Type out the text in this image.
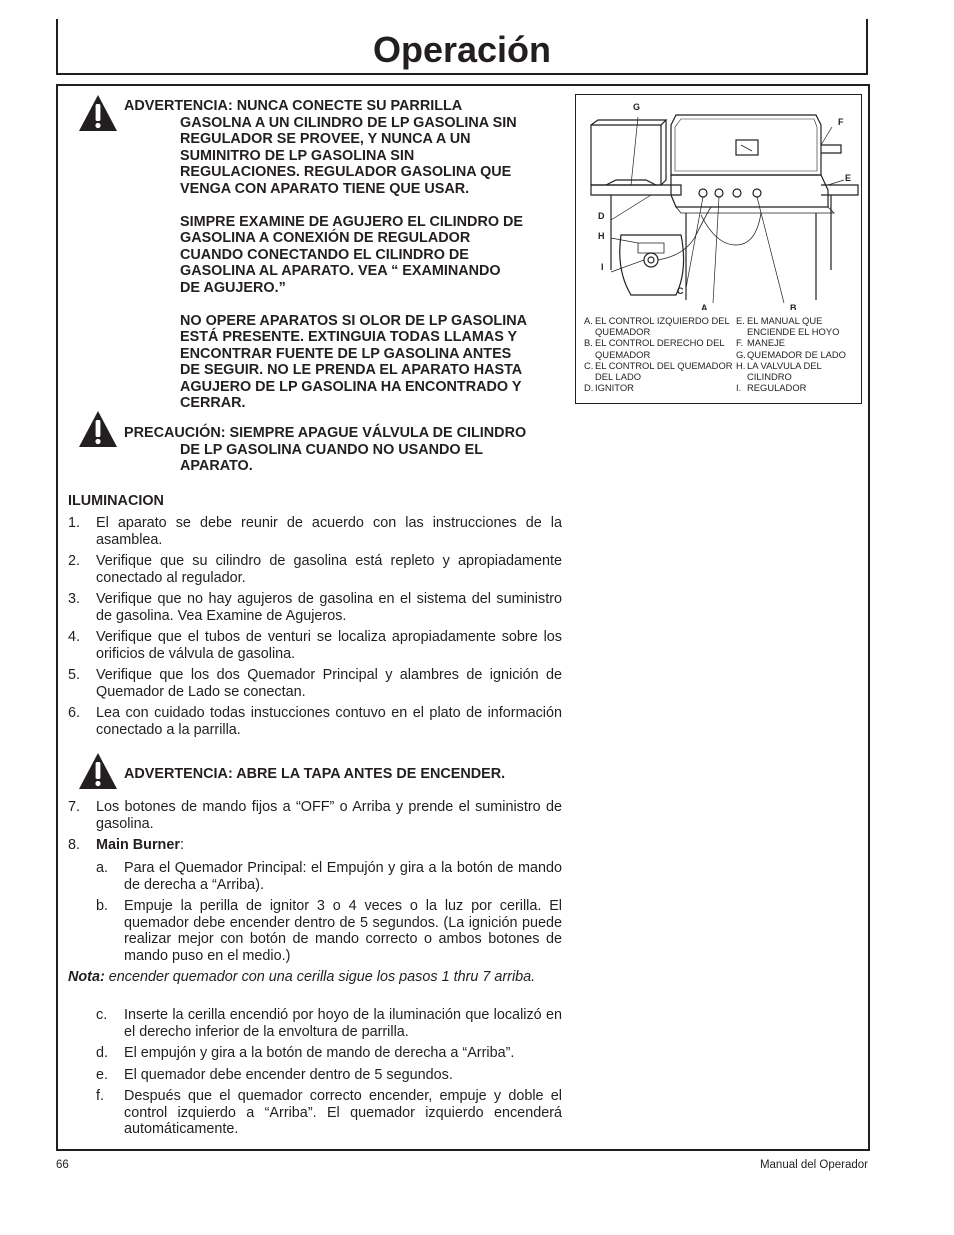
Operación
ADVERTENCIA: NUNCA CONECTE SU PARRILLA
GASOLNA A UN CILINDRO DE LP GASOLINA SIN
REGULADOR SE PROVEE, Y NUNCA A UN
SUMINITRO DE LP GASOLINA SIN
REGULACIONES. REGULADOR GASOLINA QUE
VENGA CON APARATO TIENE QUE USAR.
SIMPRE EXAMINE DE AGUJERO EL CILINDRO DE
GASOLINA A CONEXIÓN DE REGULADOR
CUANDO CONECTANDO EL CILINDRO DE
GASOLINA AL APARATO. VEA “ EXAMINANDO
DE AGUJERO.”
NO OPERE APARATOS SI OLOR DE LP GASOLINA
ESTÁ PRESENTE. EXTINGUIA TODAS LLAMAS Y
ENCONTRAR FUENTE DE LP GASOLINA ANTES
DE SEGUIR. NO LE PRENDA EL APARATO HASTA
AGUJERO DE LP GASOLINA HA ENCONTRADO Y
CERRAR.
PRECAUCIÓN: SIEMPRE APAGUE VÁLVULA DE CILINDRO
DE LP GASOLINA CUANDO NO USANDO EL
APARATO.
ILUMINACION
1. El aparato se debe reunir de acuerdo con las instrucciones de la asamblea.
2. Verifique que su cilindro de gasolina está repleto y apropiadamente conectado al regulador.
3. Verifique que no hay agujeros de gasolina en el sistema del suministro de gasolina. Vea Examine de Agujeros.
4. Verifique que el tubos de venturi se localiza apropiadamente sobre los orificios de válvula de gasolina.
5. Verifique que los dos Quemador Principal y alambres de ignición de Quemador de Lado se conectan.
6. Lea con cuidado todas instucciones contuvo en el plato de información conectado a la parrilla.
ADVERTENCIA: ABRE LA TAPA ANTES DE ENCENDER.
7. Los botones de mando fijos a “OFF” o Arriba y prende el suministro de gasolina.
8. Main Burner:
a. Para el Quemador Principal: el Empujón y gira a la botón de mando de derecha a “Arriba).
b. Empuje la perilla de ignitor 3 o 4 veces o la luz por cerilla. El quemador debe encender dentro de 5 segundos. (La ignición puede realizar mejor con botón de mando correcto o ambos botones de mando puso en el medio.)
Nota: encender quemador con una cerilla sigue los pasos 1 thru 7 arriba.
c. Inserte la cerilla encendió por hoyo de la iluminación que localizó en el derecho inferior de la envoltura de parrilla.
d. El empujón y gira a la botón de mando de derecha a “Arriba”.
e. El quemador debe encender dentro de 5 segundos.
f. Después que el quemador correcto encender, empuje y doble el control izquierdo a “Arriba”. El quemador izquierdo encenderá automáticamente.
G
F
E
D
H
I
C
A	B
A. EL CONTROL IZQUIERDO DEL QUEMADOR
B. EL CONTROL DERECHO DEL QUEMADOR
C. EL CONTROL DEL QUEMADOR DEL LADO
D. IGNITOR
E. EL MANUAL QUE ENCIENDE EL HOYO
F. MANEJE
G. QUEMADOR DE LADO
H. LA VALVULA DEL CILINDRO
I. REGULADOR
66	Manual del Operador
